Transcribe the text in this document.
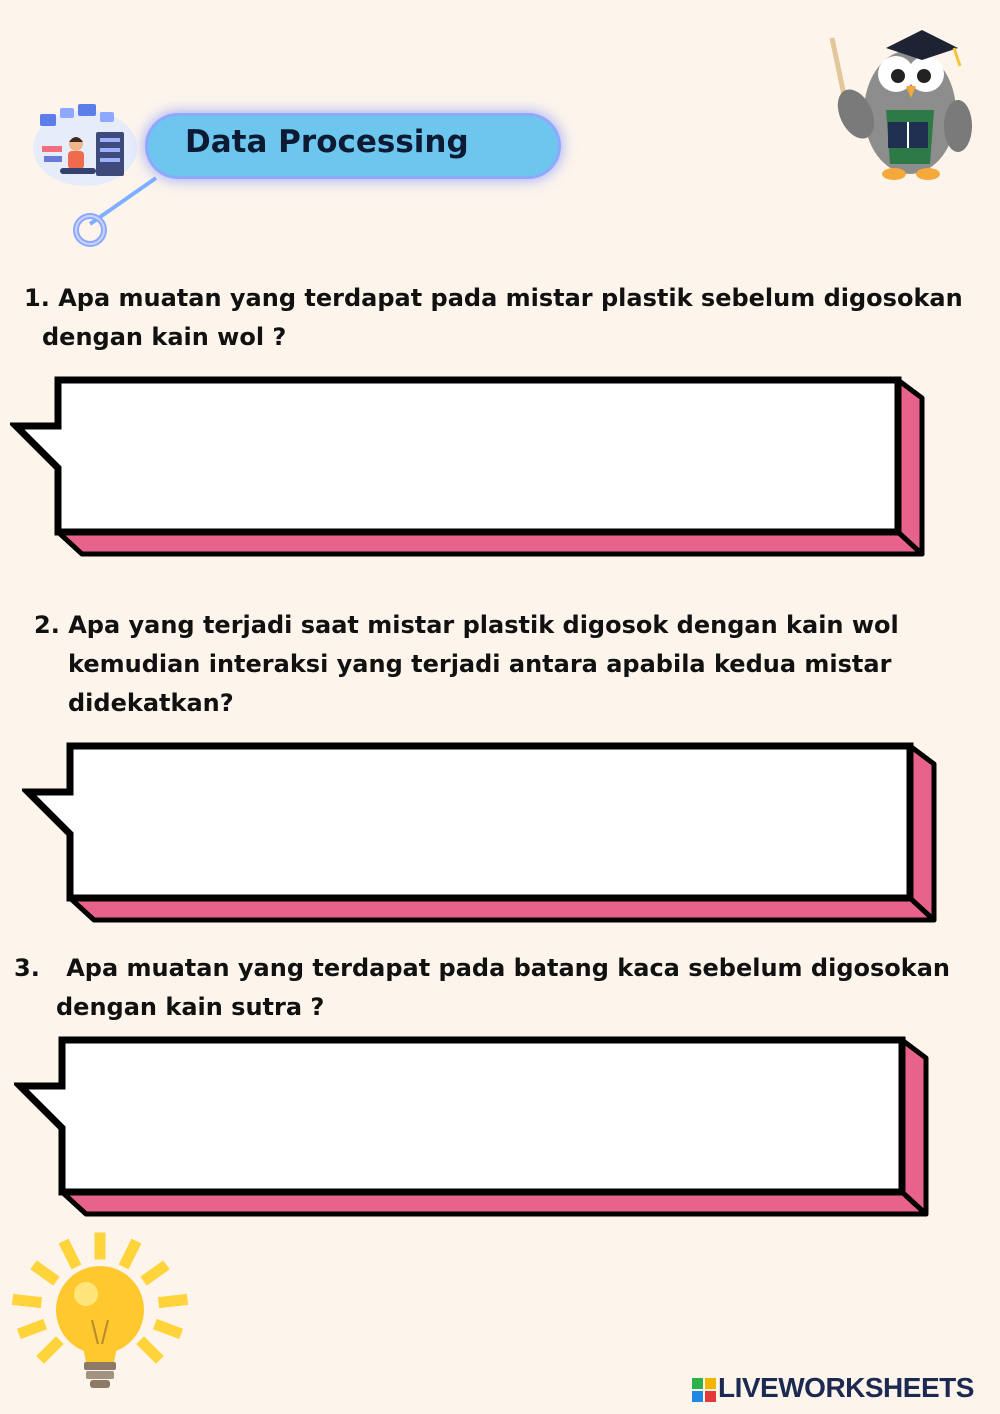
Data Processing
1. Apa muatan yang terdapat pada mistar plastik sebelum digosokan
dengan kain wol ?
2. Apa yang terjadi saat mistar plastik digosok dengan kain wol
kemudian interaksi yang terjadi antara apabila kedua mistar
didekatkan?
3. Apa muatan yang terdapat pada batang kaca sebelum digosokan
dengan kain sutra ?
LIVEWORKSHEETS
